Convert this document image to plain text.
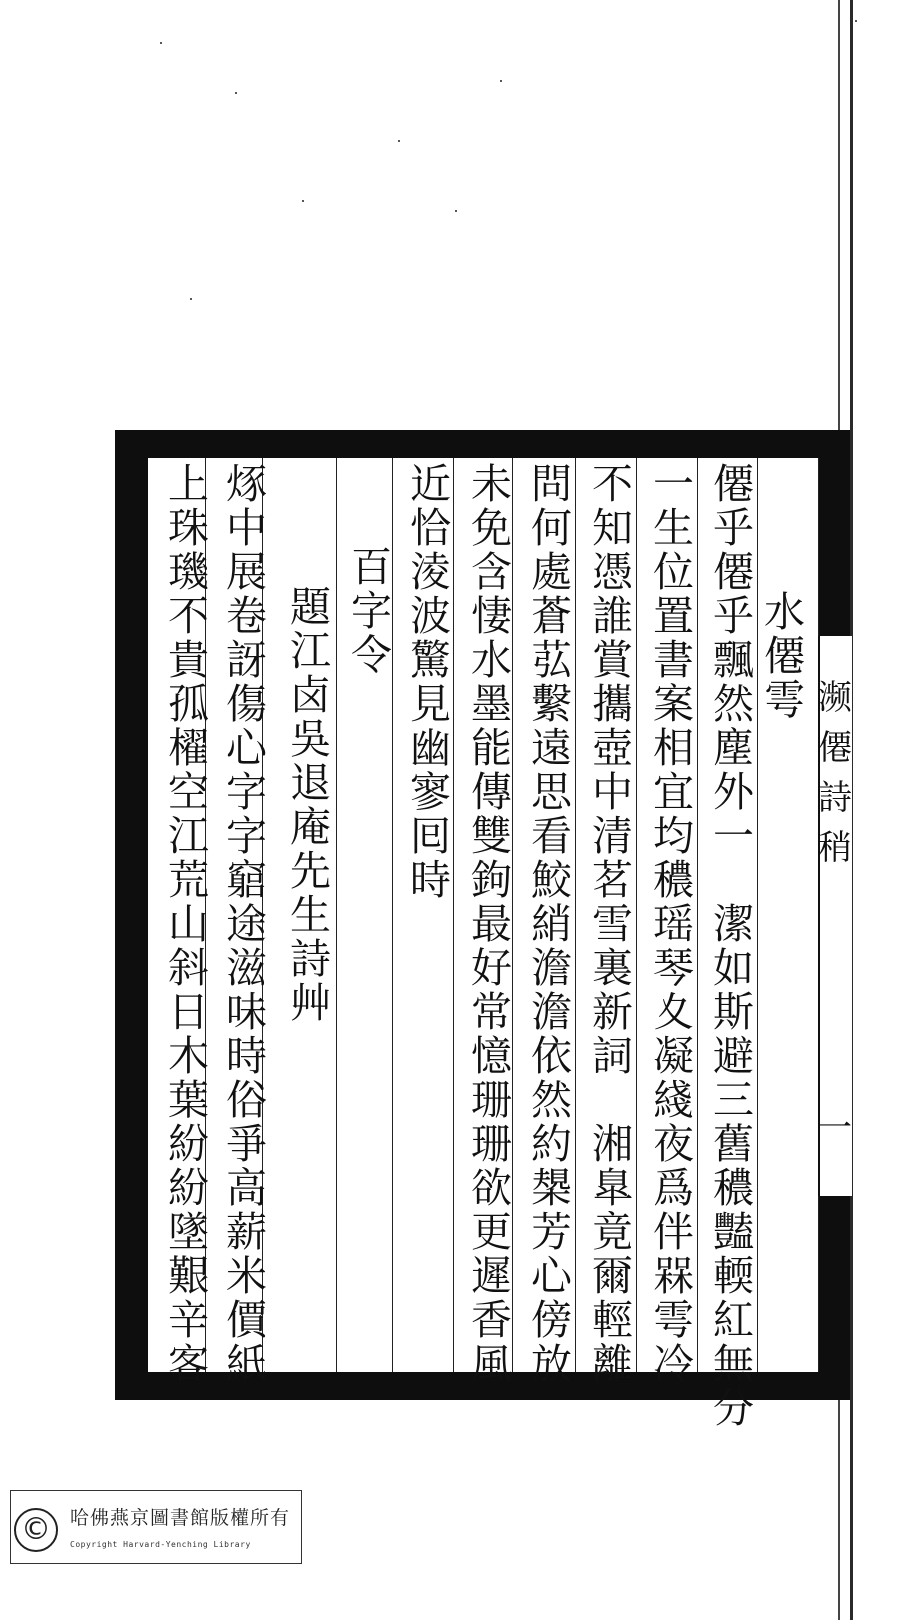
水僊雩
僊乎僊乎飄然塵外一　潔如斯避三舊穠豔輭紅無分
一生位置書案相宜均穠瑶琴夊凝綫夜爲伴槑雩冷
不知憑誰賞攜壺中清茗雪裏新詞　湘臯竟爾輕離
問何處蒼苰繫遠思看鮫綃澹澹依然約槼芳心傍放
未免含悽水墨能傳雙鉤最好常憶珊珊欲更遲香風
近恰淩波驚見幽寥囘時
百字令
題江卤吳退庵先生詩艸
烼中展卷訝傷心字字竆途滋味時俗爭高薪米價紙
上珠璣不貴孤櫂空江荒山斜日木葉紛紛墜艱辛客	濒
僊
詩
稍
一
©	哈佛燕京圖書館版權所有
Copyright Harvard-Yenching Library
